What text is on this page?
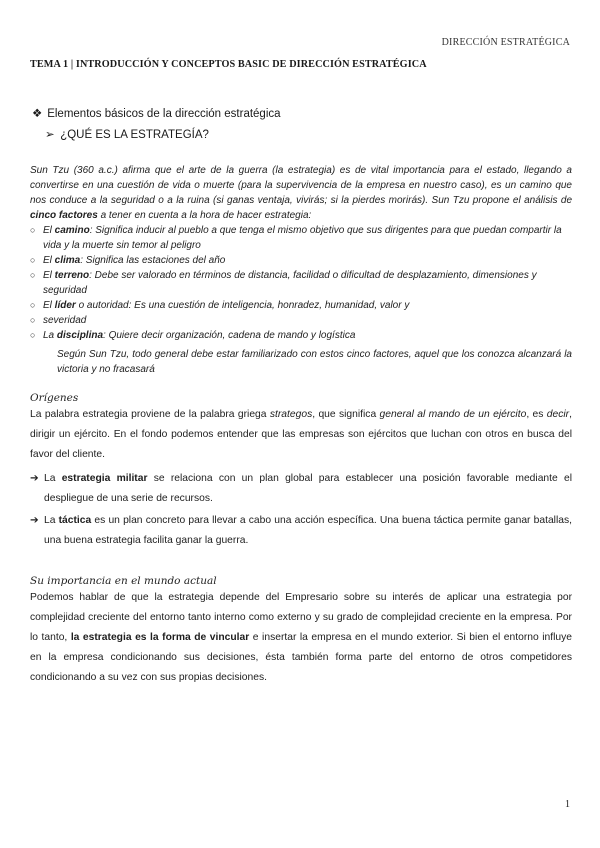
DIRECCIÓN ESTRATÉGICA
TEMA 1 | INTRODUCCIÓN Y CONCEPTOS BASIC DE DIRECCIÓN ESTRATÉGICA
❖ Elementos básicos de la dirección estratégica
➢ ¿QUÉ ES LA ESTRATEGÍA?
Sun Tzu (360 a.c.) afirma que el arte de la guerra (la estrategia) es de vital importancia para el estado, llegando a convertirse en una cuestión de vida o muerte (para la supervivencia de la empresa en nuestro caso), es un camino que nos conduce a la seguridad o a la ruina (si ganas ventaja, vivirás; si la pierdes morirás). Sun Tzu propone el análisis de cinco factores a tener en cuenta a la hora de hacer estrategia:
○ El camino: Significa inducir al pueblo a que tenga el mismo objetivo que sus dirigentes para que puedan compartir la vida y la muerte sin temor al peligro
○ El clima: Significa las estaciones del año
○ El terreno: Debe ser valorado en términos de distancia, facilidad o dificultad de desplazamiento, dimensiones y seguridad
○ El líder o autoridad: Es una cuestión de inteligencia, honradez, humanidad, valor y
○ severidad
○ La disciplina: Quiere decir organización, cadena de mando y logística
Según Sun Tzu, todo general debe estar familiarizado con estos cinco factores, aquel que los conozca alcanzará la victoria y no fracasará
Orígenes
La palabra estrategia proviene de la palabra griega strategos, que significa general al mando de un ejército, es decir, dirigir un ejército. En el fondo podemos entender que las empresas son ejércitos que luchan con otros en busca del favor del cliente.
➔ La estrategia militar se relaciona con un plan global para establecer una posición favorable mediante el despliegue de una serie de recursos.
➔ La táctica es un plan concreto para llevar a cabo una acción específica. Una buena táctica permite ganar batallas, una buena estrategia facilita ganar la guerra.
Su importancia en el mundo actual
Podemos hablar de que la estrategia depende del Empresario sobre su interés de aplicar una estrategia por complejidad creciente del entorno tanto interno como externo y su grado de complejidad creciente en la empresa. Por lo tanto, la estrategia es la forma de vincular e insertar la empresa en el mundo exterior. Si bien el entorno influye en la empresa condicionando sus decisiones, ésta también forma parte del entorno de otros competidores condicionando a su vez con sus propias decisiones.
1
